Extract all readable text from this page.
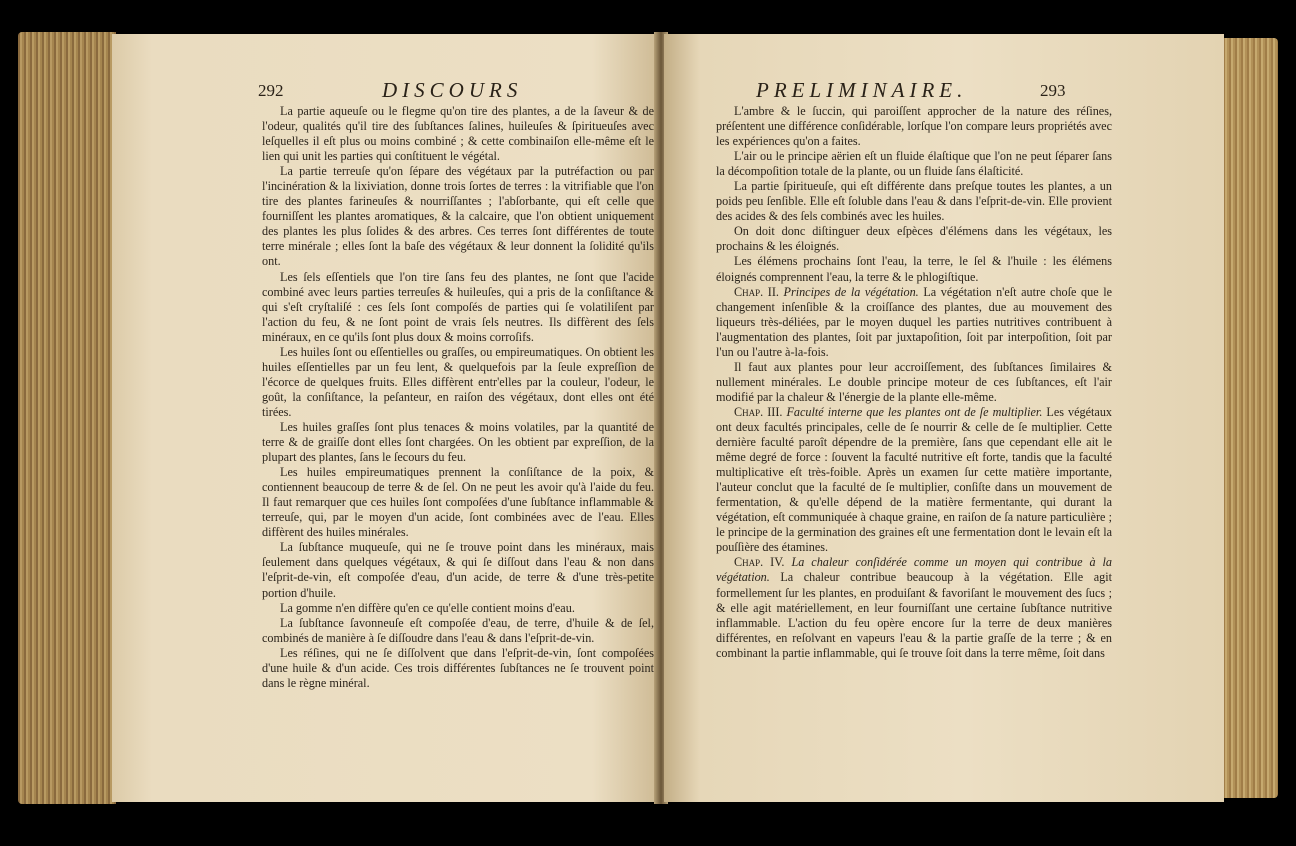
292	DISCOURS

La partie aqueuſe ou le flegme qu'on tire des plantes, a de la ſaveur & de l'odeur, qualités qu'il tire des ſubſtances ſalines, huileuſes & ſpiritueuſes avec leſquelles il eſt plus ou moins combiné ; & cette combinaiſon elle-même eſt le lien qui unit les parties qui conſtituent le végétal.

La partie terreuſe qu'on ſépare des végétaux par la putréfaction ou par l'incinération & la lixiviation, donne trois ſortes de terres : la vitrifiable que l'on tire des plantes farineuſes & nourriſſantes ; l'abſorbante, qui eſt celle que fourniſſent les plantes aromatiques, & la calcaire, que l'on obtient uniquement des plantes les plus ſolides & des arbres. Ces terres ſont différentes de toute terre minérale ; elles ſont la baſe des végétaux & leur donnent la ſolidité qu'ils ont.

Les ſels eſſentiels que l'on tire ſans feu des plantes, ne ſont que l'acide combiné avec leurs parties terreuſes & huileuſes, qui a pris de la conſiſtance & qui s'eſt cryſtaliſé : ces ſels ſont compoſés de parties qui ſe volatiliſent par l'action du feu, & ne ſont point de vrais ſels neutres. Ils diffèrent des ſels minéraux, en ce qu'ils ſont plus doux & moins corroſifs.

Les huiles ſont ou eſſentielles ou graſſes, ou empireumatiques. On obtient les huiles eſſentielles par un feu lent, & quelquefois par la ſeule expreſſion de l'écorce de quelques fruits. Elles diffèrent entr'elles par la couleur, l'odeur, le goût, la conſiſtance, la peſanteur, en raiſon des végétaux, dont elles ont été tirées.

Les huiles graſſes ſont plus tenaces & moins volatiles, par la quantité de terre & de graiſſe dont elles ſont chargées. On les obtient par expreſſion, de la plupart des plantes, ſans le ſecours du feu.

Les huiles empireumatiques prennent la conſiſtance de la poix, & contiennent beaucoup de terre & de ſel. On ne peut les avoir qu'à l'aide du feu. Il faut remarquer que ces huiles ſont compoſées d'une ſubſtance inflammable & terreuſe, qui, par le moyen d'un acide, ſont combinées avec de l'eau. Elles diffèrent des huiles minérales.

La ſubſtance muqueuſe, qui ne ſe trouve point dans les minéraux, mais ſeulement dans quelques végétaux, & qui ſe diſſout dans l'eau & non dans l'eſprit-de-vin, eſt compoſée d'eau, d'un acide, de terre & d'une très-petite portion d'huile.

La gomme n'en diffère qu'en ce qu'elle contient moins d'eau.

La ſubſtance ſavonneuſe eſt compoſée d'eau, de terre, d'huile & de ſel, combinés de manière à ſe diſſoudre dans l'eau & dans l'eſprit-de-vin.

Les réſines, qui ne ſe diſſolvent que dans l'eſprit-de-vin, ſont compoſées d'une huile & d'un acide. Ces trois différentes ſubſtances ne ſe trouvent point dans le règne minéral.

PRELIMINAIRE.	293

L'ambre & le ſuccin, qui paroiſſent approcher de la nature des réſines, préſentent une différence conſidérable, lorſque l'on compare leurs propriétés avec les expériences qu'on a faites.

L'air ou le principe aërien eſt un fluide élaſtique que l'on ne peut ſéparer ſans la décompoſition totale de la plante, ou un fluide ſans élaſticité.

La partie ſpiritueuſe, qui eſt différente dans preſque toutes les plantes, a un poids peu ſenſible. Elle eſt ſoluble dans l'eau & dans l'eſprit-de-vin. Elle provient des acides & des ſels combinés avec les huiles.

On doit donc diſtinguer deux eſpèces d'élémens dans les végétaux, les prochains & les éloignés.

Les élémens prochains ſont l'eau, la terre, le ſel & l'huile : les élémens éloignés comprennent l'eau, la terre & le phlogiſtique.

Chap. II. Principes de la végétation. La végétation n'eſt autre choſe que le changement inſenſible & la croiſſance des plantes, due au mouvement des liqueurs très-déliées, par le moyen duquel les parties nutritives contribuent à l'augmentation des plantes, ſoit par juxtapoſition, ſoit par interpoſition, ſoit par l'un ou l'autre à-la-fois.

Il faut aux plantes pour leur accroiſſement, des ſubſtances ſimilaires & nullement minérales. Le double principe moteur de ces ſubſtances, eſt l'air modifié par la chaleur & l'énergie de la plante elle-même.

Chap. III. Faculté interne que les plantes ont de ſe multiplier. Les végétaux ont deux facultés principales, celle de ſe nourrir & celle de ſe multiplier. Cette dernière faculté paroît dépendre de la première, ſans que cependant elle ait le même degré de force : ſouvent la faculté nutritive eſt forte, tandis que la faculté multiplicative eſt très-foible. Après un examen ſur cette matière importante, l'auteur conclut que la faculté de ſe multiplier, conſiſte dans un mouvement de fermentation, & qu'elle dépend de la matière fermentante, qui durant la végétation, eſt communiquée à chaque graine, en raiſon de ſa nature particulière ; le principe de la germination des graines eſt une fermentation dont le levain eſt la pouſſière des étamines.

Chap. IV. La chaleur conſidérée comme un moyen qui contribue à la végétation. La chaleur contribue beaucoup à la végétation. Elle agit formellement ſur les plantes, en produiſant & favoriſant le mouvement des ſucs ; & elle agit matériellement, en leur fourniſſant une certaine ſubſtance nutritive inflammable. L'action du feu opère encore ſur la terre de deux manières différentes, en reſolvant en vapeurs l'eau & la partie graſſe de la terre ; & en combinant la partie inflammable, qui ſe trouve ſoit dans la terre même, ſoit dans
